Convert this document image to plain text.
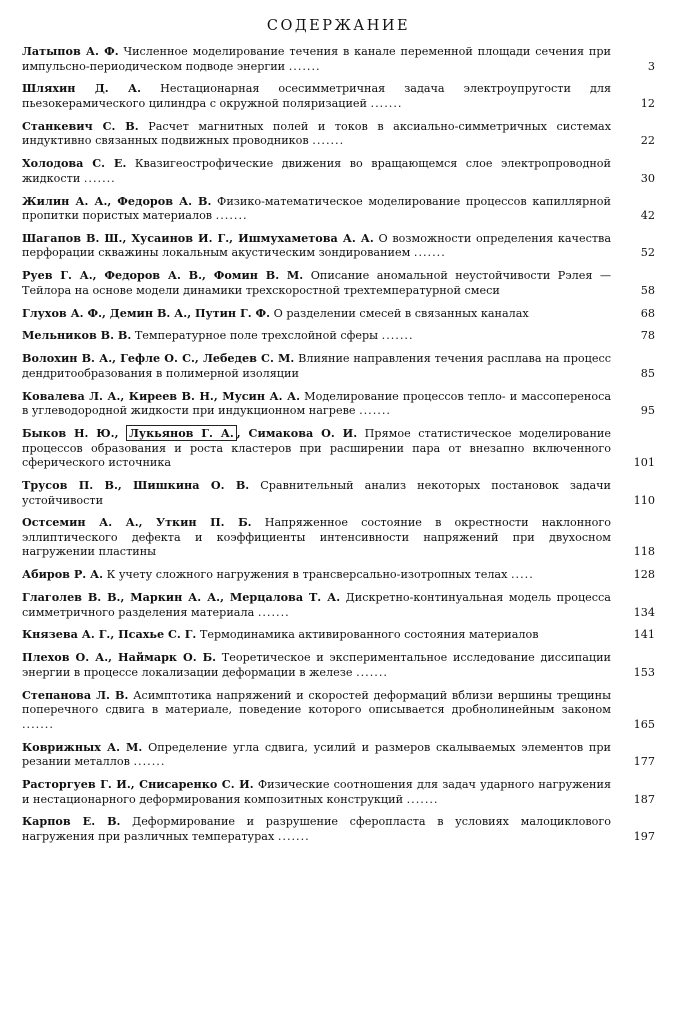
СОДЕРЖАНИЕ
Латыпов А. Ф. Численное моделирование течения в канале переменной площади сечения при импульсно-периодическом подводе энергии .......	3
Шляхин Д. А. Нестационарная осесимметричная задача электроупругости для пьезокерамического цилиндра с окружной поляризацией .......	12
Станкевич С. В. Расчет магнитных полей и токов в аксиально-симметричных системах индуктивно связанных подвижных проводников .......	22
Холодова С. Е. Квазигеострофические движения во вращающемся слое электропроводной жидкости .......	30
Жилин А. А., Федоров А. В. Физико-математическое моделирование процессов капиллярной пропитки пористых материалов .......	42
Шагапов В. Ш., Хусаинов И. Г., Ишмухаметова А. А. О возможности определения качества перфорации скважины локальным акустическим зондированием .......	52
Руев Г. А., Федоров А. В., Фомин В. М. Описание аномальной неустойчивости Рэлея — Тейлора на основе модели динамики трехскоростной трехтемпературной смеси	58
Глухов А. Ф., Демин В. А., Путин Г. Ф. О разделении смесей в связанных каналах	68
Мельников В. В. Температурное поле трехслойной сферы .......	78
Волохин В. А., Гефле О. С., Лебедев С. М. Влияние направления течения расплава на процесс дендритообразования в полимерной изоляции	85
Ковалева Л. А., Киреев В. Н., Мусин А. А. Моделирование процессов тепло- и массопереноса в углеводородной жидкости при индукционном нагреве .......	95
Быков Н. Ю., Лукьянов Г. А. , Симакова О. И. Прямое статистическое моделирование процессов образования и роста кластеров при расширении пара от внезапно включенного сферического источника	101
Трусов П. В., Шишкина О. В. Сравнительный анализ некоторых постановок задачи устойчивости	110
Остсемин А. А., Уткин П. Б. Напряженное состояние в окрестности наклонного эллиптического дефекта и коэффициенты интенсивности напряжений при двухосном нагружении пластины	118
Абиров Р. А. К учету сложного нагружения в трансверсально-изотропных телах .....	128
Глаголев В. В., Маркин А. А., Мерцалова Т. А. Дискретно-континуальная модель процесса симметричного разделения материала .......	134
Князева А. Г., Псахье С. Г. Термодинамика активированного состояния материалов	141
Плехов О. А., Наймарк О. Б. Теоретическое и экспериментальное исследование диссипации энергии в процессе локализации деформации в железе .......	153
Степанова Л. В. Асимптотика напряжений и скоростей деформаций вблизи вершины трещины поперечного сдвига в материале, поведение которого описывается дробнолинейным законом .......	165
Коврижных А. М. Определение угла сдвига, усилий и размеров скалываемых элементов при резании металлов .......	177
Расторгуев Г. И., Снисаренко С. И. Физические соотношения для задач ударного нагружения и нестационарного деформирования композитных конструкций .......	187
Карпов Е. В. Деформирование и разрушение сферопласта в условиях малоциклового нагружения при различных температурах .......	197
